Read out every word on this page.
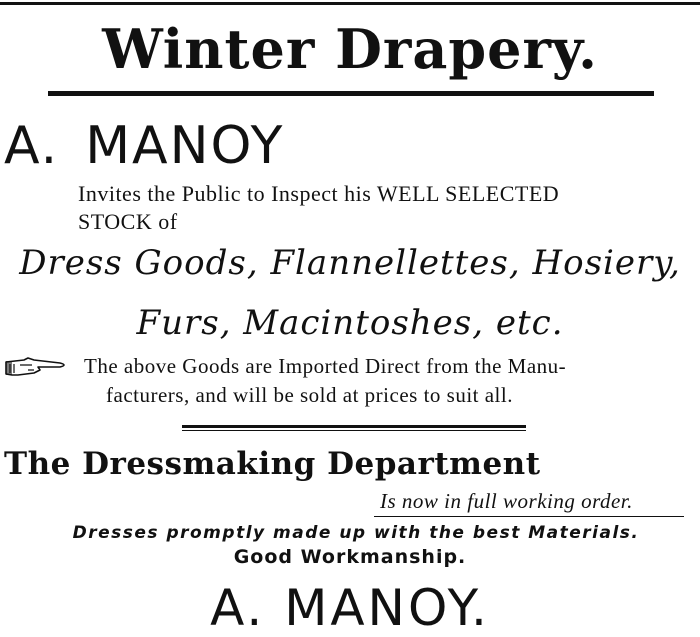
Winter Drapery.
A. MANOY
Invites the Public to Inspect his WELL SELECTED
STOCK of
Dress Goods, Flannellettes, Hosiery,
Furs, Macintoshes, etc.
The above Goods are Imported Direct from the Manu-
facturers, and will be sold at prices to suit all.
The Dressmaking Department
Is now in full working order.
Dresses promptly made up with the best Materials.
Good Workmanship.
A. MANOY.
